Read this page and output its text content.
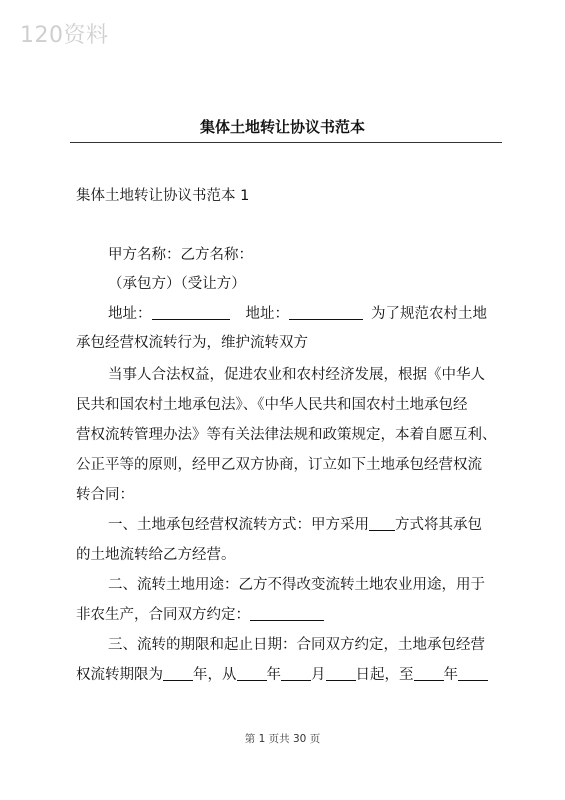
120资料
集体土地转让协议书范本
集体土地转让协议书范本 1
甲方名称：乙方名称：
（承包方）（受让方）
地址：	地址：	为了规范农村土地
承包经营权流转行为，维护流转双方
当事人合法权益，促进农业和农村经济发展，根据《中华人
民共和国农村土地承包法》、《中华人民共和国农村土地承包经
营权流转管理办法》等有关法律法规和政策规定，本着自愿互利、
公正平等的原则，经甲乙双方协商，订立如下土地承包经营权流
转合同：
一、土地承包经营权流转方式：甲方采用 方式将其承包
的土地流转给乙方经营。
二、流转土地用途：乙方不得改变流转土地农业用途，用于
非农生产，合同双方约定：
三、流转的期限和起止日期：合同双方约定，土地承包经营
权流转期限为 年，从 年 月 日起，至 年
第 1 页共 30 页
